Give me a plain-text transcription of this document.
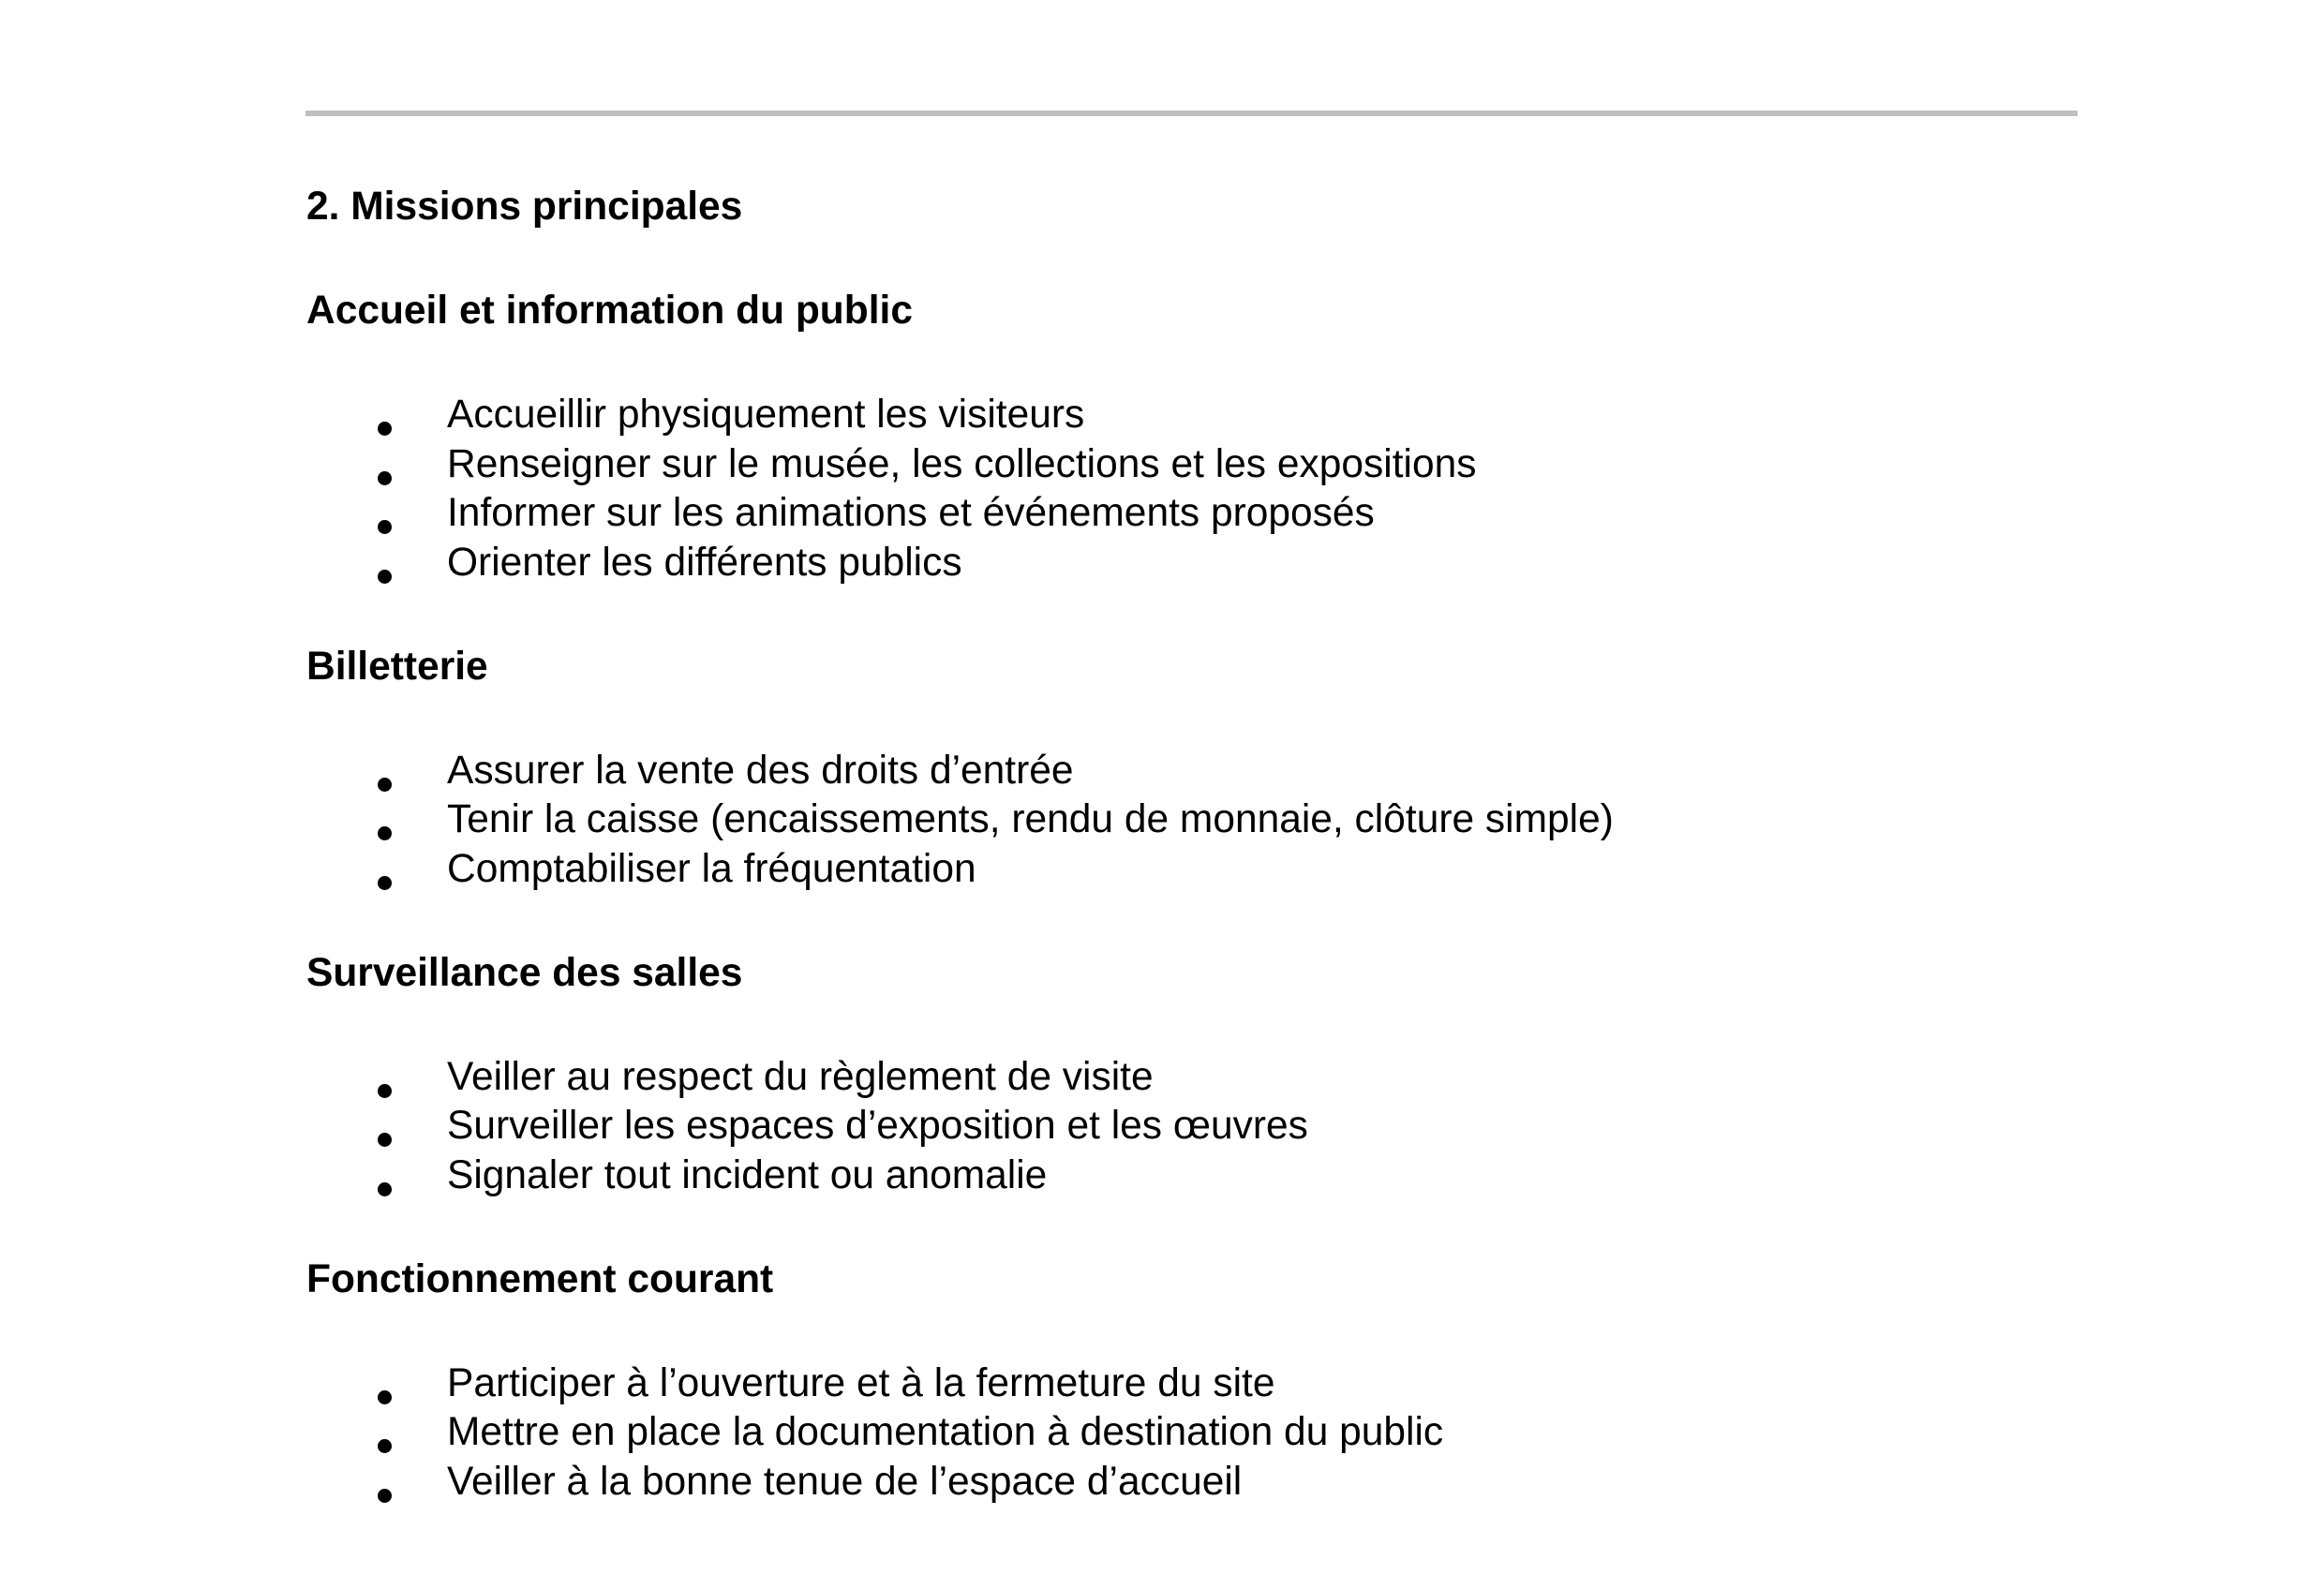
2. Missions principales
Accueil et information du public
Accueillir physiquement les visiteurs
Renseigner sur le musée, les collections et les expositions
Informer sur les animations et événements proposés
Orienter les différents publics
Billetterie
Assurer la vente des droits d’entrée
Tenir la caisse (encaissements, rendu de monnaie, clôture simple)
Comptabiliser la fréquentation
Surveillance des salles
Veiller au respect du règlement de visite
Surveiller les espaces d’exposition et les œuvres
Signaler tout incident ou anomalie
Fonctionnement courant
Participer à l’ouverture et à la fermeture du site
Mettre en place la documentation à destination du public
Veiller à la bonne tenue de l’espace d’accueil
